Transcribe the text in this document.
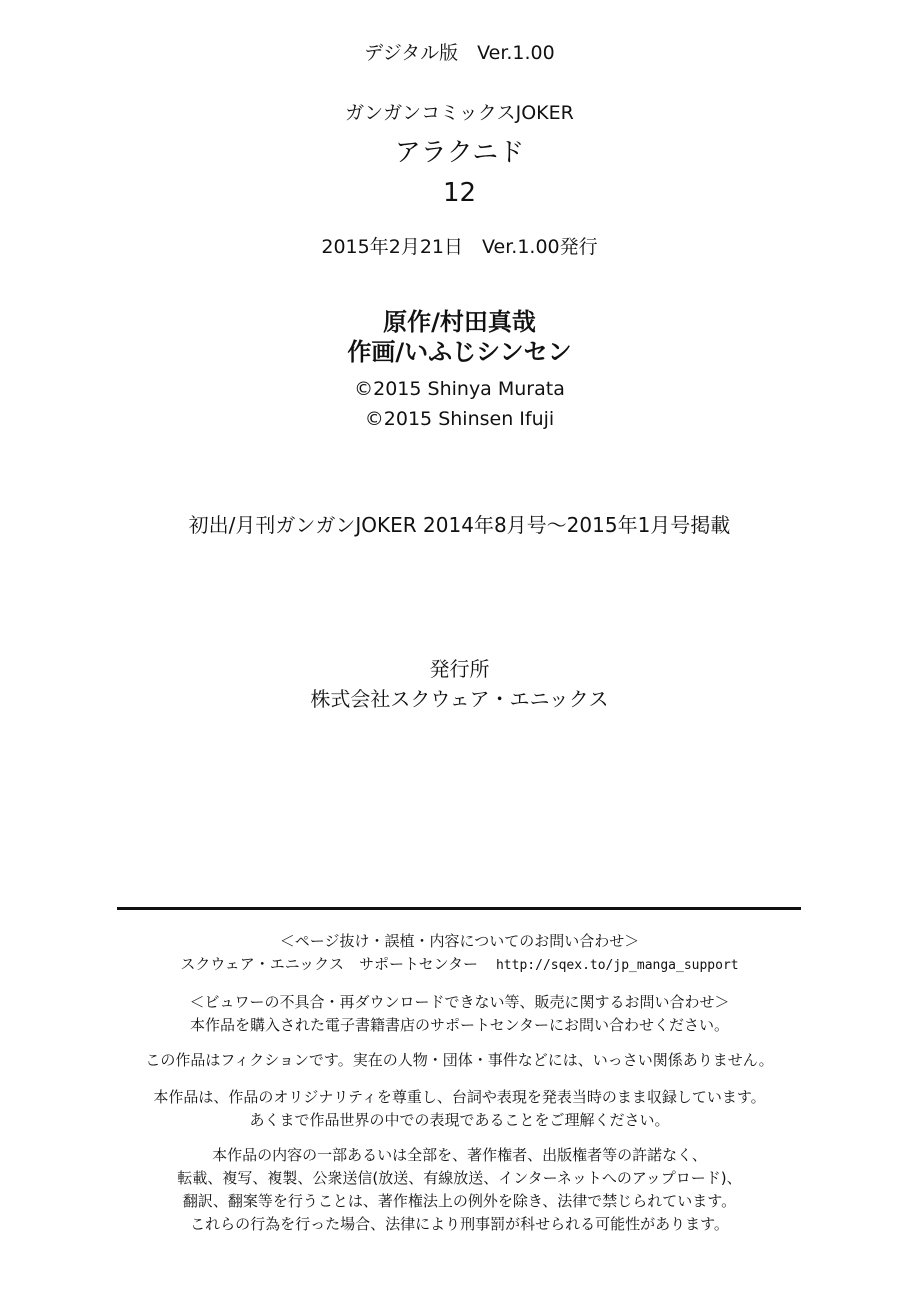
デジタル版　Ver.1.00
ガンガンコミックスJOKER
アラクニド
12
2015年2月21日　Ver.1.00発行
原作/村田真哉
作画/いふじシンセン
©2015 Shinya Murata
©2015 Shinsen Ifuji
初出/月刊ガンガンJOKER 2014年8月号～2015年1月号掲載
発行所
株式会社スクウェア・エニックス
＜ページ抜け・誤植・内容についてのお問い合わせ＞
スクウェア・エニックス　サポートセンター http://sqex.to/jp_manga_support
＜ビュワーの不具合・再ダウンロードできない等、販売に関するお問い合わせ＞
本作品を購入された電子書籍書店のサポートセンターにお問い合わせください。
この作品はフィクションです。実在の人物・団体・事件などには、いっさい関係ありません。
本作品は、作品のオリジナリティを尊重し、台詞や表現を発表当時のまま収録しています。
あくまで作品世界の中での表現であることをご理解ください。
本作品の内容の一部あるいは全部を、著作権者、出版権者等の許諾なく、
転載、複写、複製、公衆送信(放送、有線放送、インターネットへのアップロード)、
翻訳、翻案等を行うことは、著作権法上の例外を除き、法律で禁じられています。
これらの行為を行った場合、法律により刑事罰が科せられる可能性があります。
